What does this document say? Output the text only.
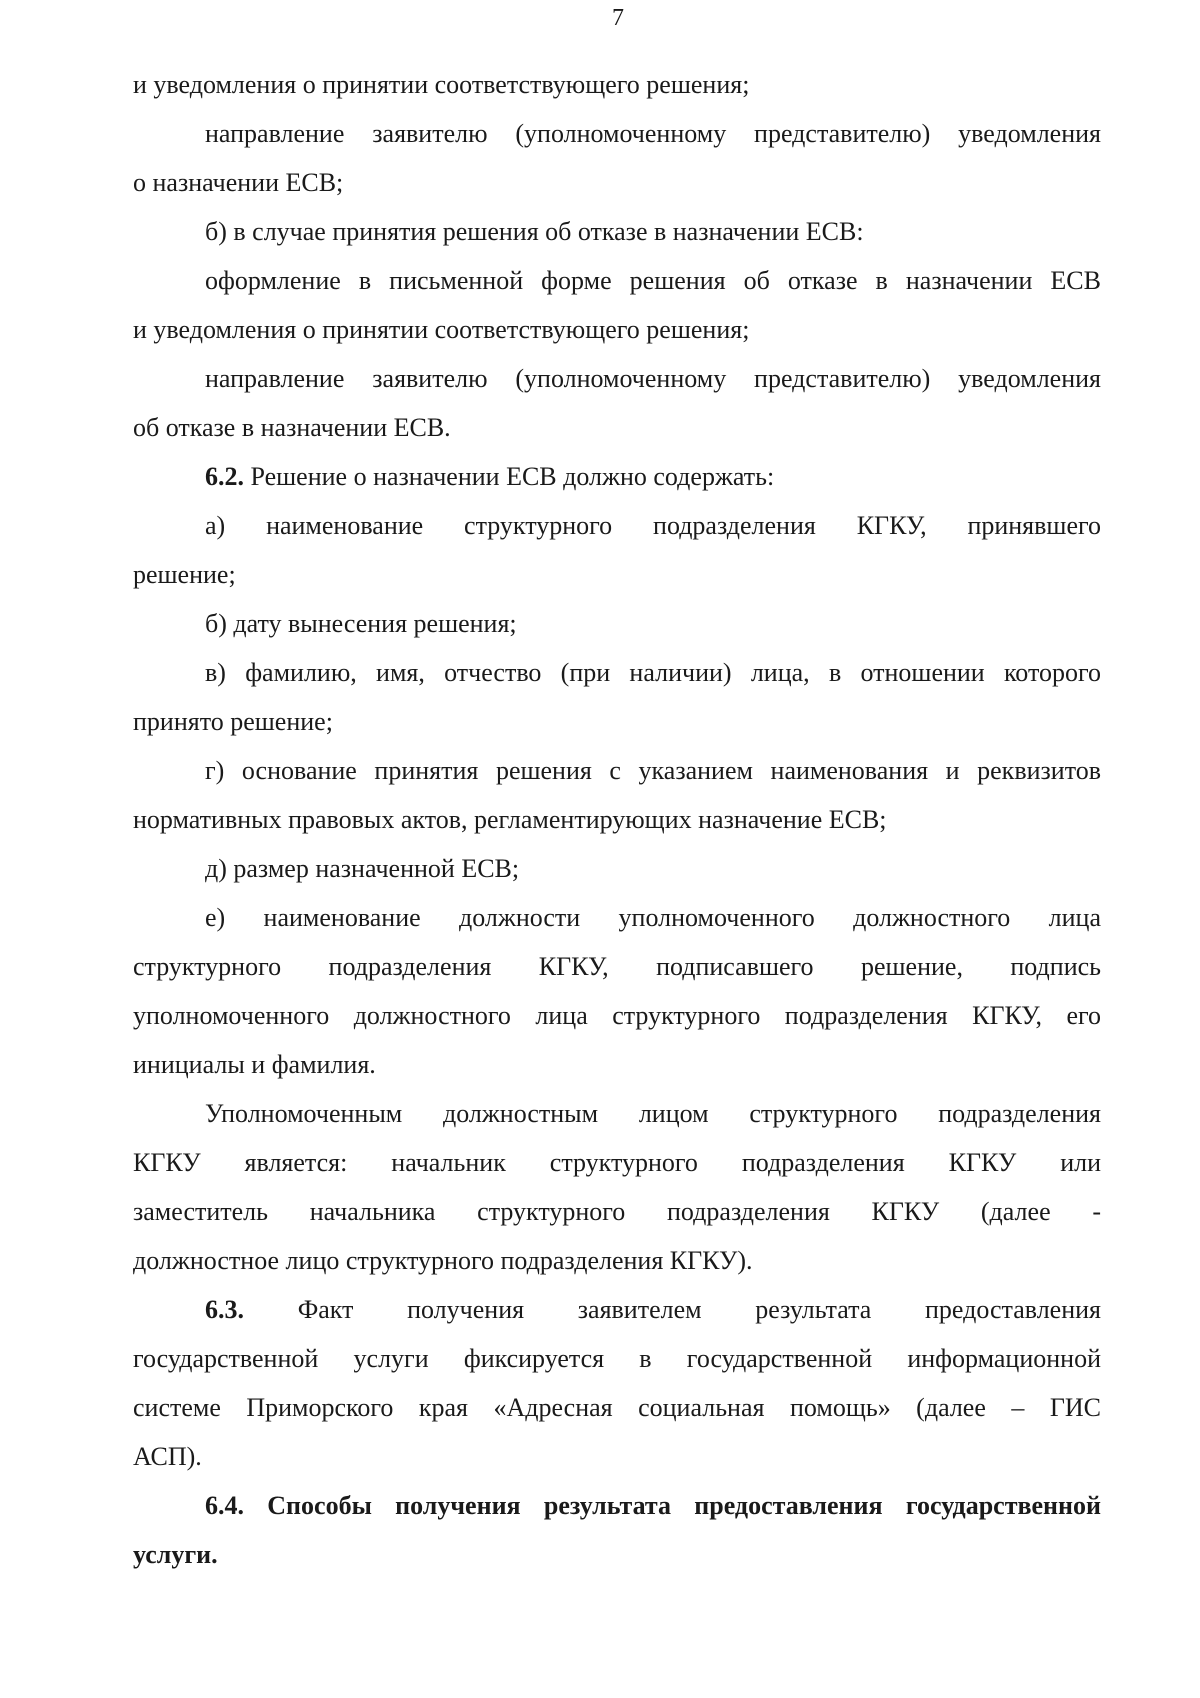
7
и уведомления о принятии соответствующего решения;
направление заявителю (уполномоченному представителю) уведомления
о назначении ЕСВ;
б) в случае принятия решения об отказе в назначении ЕСВ:
оформление в письменной форме решения об отказе в назначении ЕСВ
и уведомления о принятии соответствующего решения;
направление заявителю (уполномоченному представителю) уведомления
об отказе в назначении ЕСВ.
6.2. Решение о назначении ЕСВ должно содержать:
а) наименование структурного подразделения КГКУ, принявшего
решение;
б) дату вынесения решения;
в) фамилию, имя, отчество (при наличии) лица, в отношении которого
принято решение;
г) основание принятия решения с указанием наименования и реквизитов
нормативных правовых актов, регламентирующих назначение ЕСВ;
д) размер назначенной ЕСВ;
е) наименование должности уполномоченного должностного лица
структурного подразделения КГКУ, подписавшего решение, подпись
уполномоченного должностного лица структурного подразделения КГКУ, его
инициалы и фамилия.
Уполномоченным должностным лицом структурного подразделения
КГКУ является: начальник структурного подразделения КГКУ или
заместитель начальника структурного подразделения КГКУ (далее -
должностное лицо структурного подразделения КГКУ).
6.3. Факт получения заявителем результата предоставления
государственной услуги фиксируется в государственной информационной
системе Приморского края «Адресная социальная помощь» (далее – ГИС
АСП).
6.4. Способы получения результата предоставления государственной
услуги.
